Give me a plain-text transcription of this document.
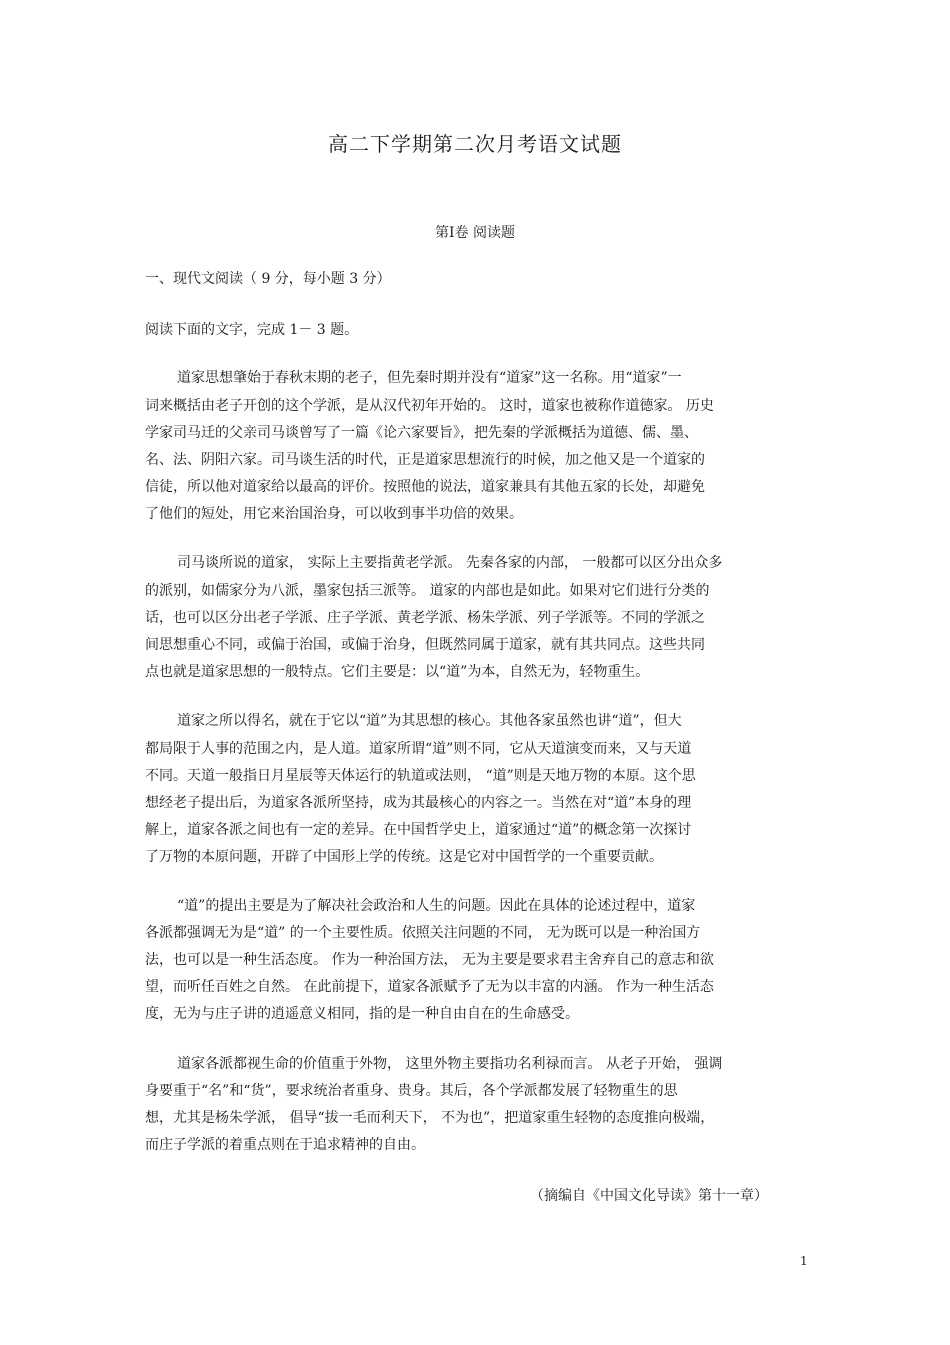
高二下学期第二次月考语文试题
第Ⅰ卷 阅读题
一、现代文阅读（ 9 分，每小题 3 分）
阅读下面的文字，完成 1－ 3 题。
道家思想肇始于春秋末期的老子，但先秦时期并没有“道家”这一名称。用“道家”一
词来概括由老子开创的这个学派，是从汉代初年开始的。 这时，道家也被称作道德家。 历史
学家司马迁的父亲司马谈曾写了一篇《论六家要旨》，把先秦的学派概括为道德、儒、墨、
名、法、阴阳六家。司马谈生活的时代，正是道家思想流行的时候，加之他又是一个道家的
信徒，所以他对道家给以最高的评价。按照他的说法，道家兼具有其他五家的长处，却避免
了他们的短处，用它来治国治身，可以收到事半功倍的效果。
司马谈所说的道家， 实际上主要指黄老学派。 先秦各家的内部， 一般都可以区分出众多
的派别，如儒家分为八派，墨家包括三派等。 道家的内部也是如此。如果对它们进行分类的
话，也可以区分出老子学派、庄子学派、黄老学派、杨朱学派、列子学派等。不同的学派之
间思想重心不同，或偏于治国，或偏于治身，但既然同属于道家，就有其共同点。这些共同
点也就是道家思想的一般特点。它们主要是：以“道”为本，自然无为，轻物重生。
道家之所以得名，就在于它以“道”为其思想的核心。其他各家虽然也讲“道”，但大
都局限于人事的范围之内，是人道。道家所谓“道”则不同，它从天道演变而来，又与天道
不同。天道一般指日月星辰等天体运行的轨道或法则， “道”则是天地万物的本原。这个思
想经老子提出后，为道家各派所坚持，成为其最核心的内容之一。当然在对“道”本身的理
解上，道家各派之间也有一定的差异。在中国哲学史上，道家通过“道”的概念第一次探讨
了万物的本原问题，开辟了中国形上学的传统。这是它对中国哲学的一个重要贡献。
“道”的提出主要是为了解决社会政治和人生的问题。因此在具体的论述过程中，道家
各派都强调无为是“道” 的一个主要性质。依照关注问题的不同， 无为既可以是一种治国方
法，也可以是一种生活态度。 作为一种治国方法， 无为主要是要求君主舍弃自己的意志和欲
望，而听任百姓之自然。 在此前提下，道家各派赋予了无为以丰富的内涵。 作为一种生活态
度，无为与庄子讲的逍遥意义相同，指的是一种自由自在的生命感受。
道家各派都视生命的价值重于外物， 这里外物主要指功名利禄而言。 从老子开始， 强调
身要重于“名”和“货”，要求统治者重身、贵身。其后，各个学派都发展了轻物重生的思
想，尤其是杨朱学派， 倡导“拔一毛而利天下， 不为也”，把道家重生轻物的态度推向极端，
而庄子学派的着重点则在于追求精神的自由。
（摘编自《中国文化导读》第十一章）
1
